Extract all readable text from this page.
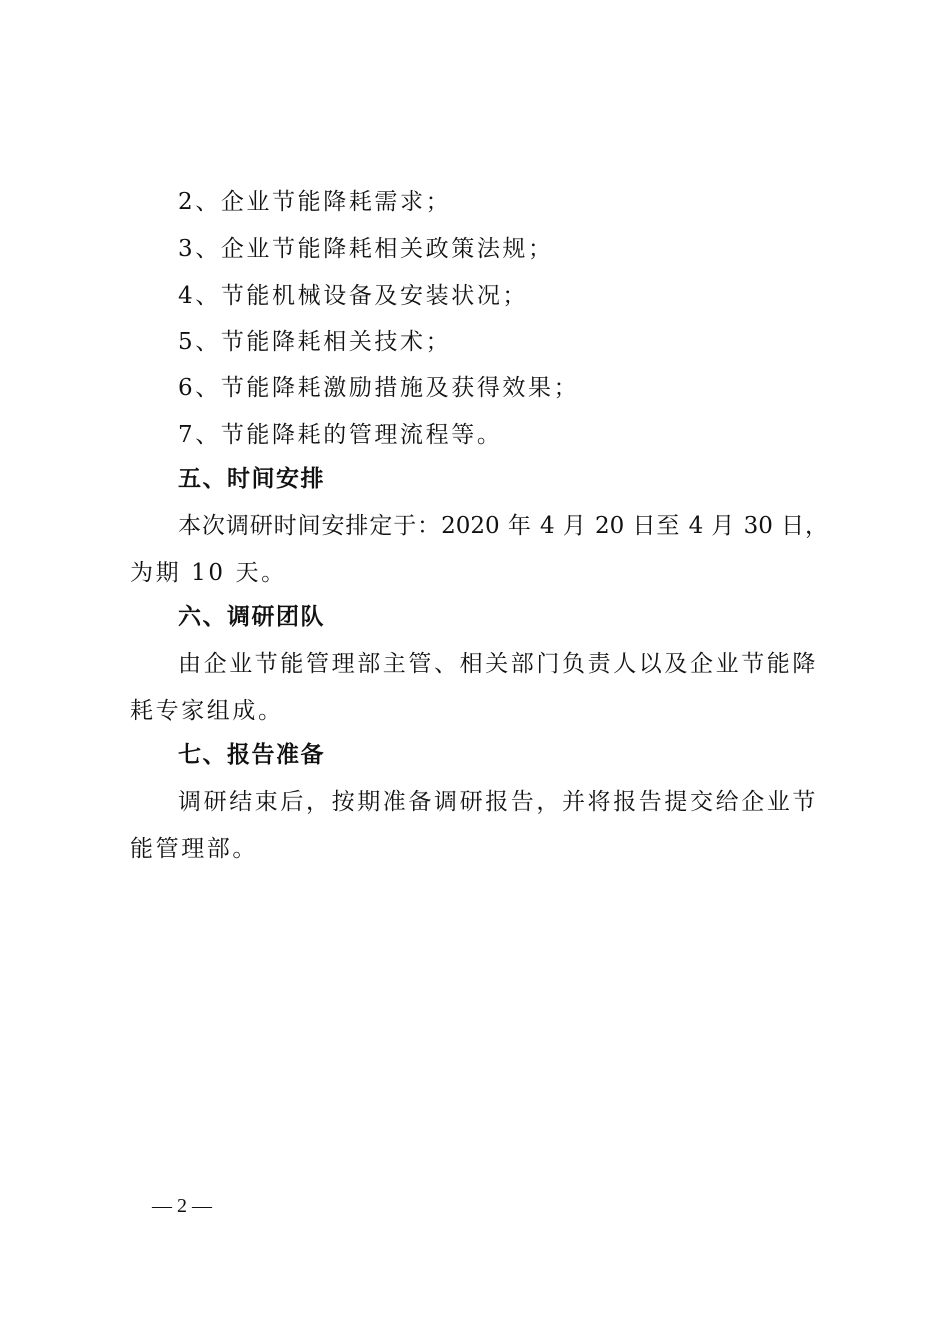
2、企业节能降耗需求；
3、企业节能降耗相关政策法规；
4、节能机械设备及安装状况；
5、节能降耗相关技术；
6、节能降耗激励措施及获得效果；
7、节能降耗的管理流程等。
五、时间安排
本次调研时间安排定于：2020 年 4 月 20 日至 4 月 30 日，
为期 10 天。
六、调研团队
由企业节能管理部主管、相关部门负责人以及企业节能降
耗专家组成。
七、报告准备
调研结束后，按期准备调研报告，并将报告提交给企业节
能管理部。
— 2 —
